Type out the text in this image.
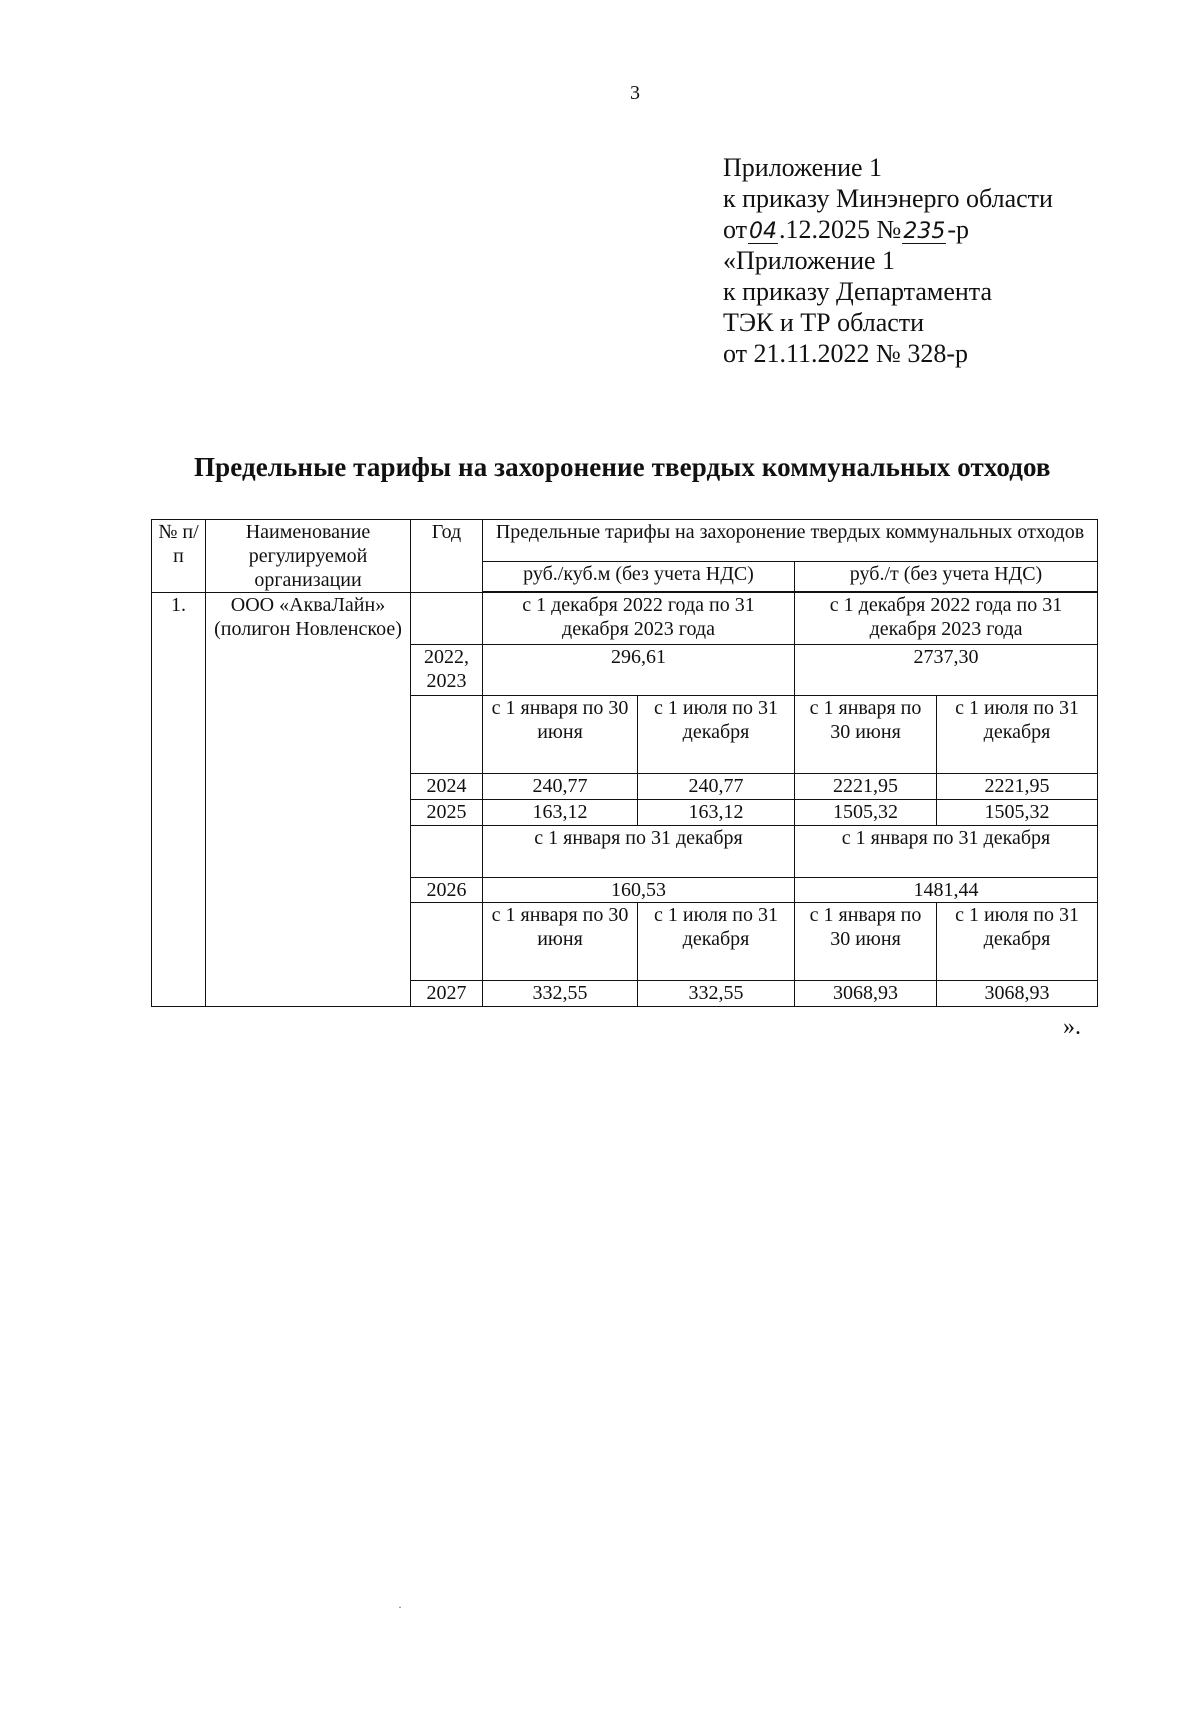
3
Приложение 1
к приказу Минэнерго области
от04.12.2025 №235-р
«Приложение 1
к приказу Департамента
ТЭК и ТР области
от 21.11.2022 № 328-р
Предельные тарифы на захоронение твердых коммунальных отходов
№ п/п	Наименование регулируемой организации	Год	Предельные тарифы на захоронение твердых коммунальных отходов			
			руб./куб.м (без учета НДС)		руб./т (без учета НДС)	

1.	ООО «АкваЛайн» (полигон Новленское)		с 1 декабря 2022 года по 31 декабря 2023 года		с 1 декабря 2022 года по 31 декабря 2023 года	
		2022, 2023	296,61		2737,30	
			с 1 января по 30 июня	с 1 июля по 31 декабря	с 1 января по 30 июня	с 1 июля по 31 декабря
		2024	240,77	240,77	2221,95	2221,95
		2025	163,12	163,12	1505,32	1505,32
			с 1 января по 31 декабря		с 1 января по 31 декабря	
		2026	160,53		1481,44	
			с 1 января по 30 июня	с 1 июля по 31 декабря	с 1 января по 30 июня	с 1 июля по 31 декабря
		2027	332,55	332,55	3068,93	3068,93
».
·
